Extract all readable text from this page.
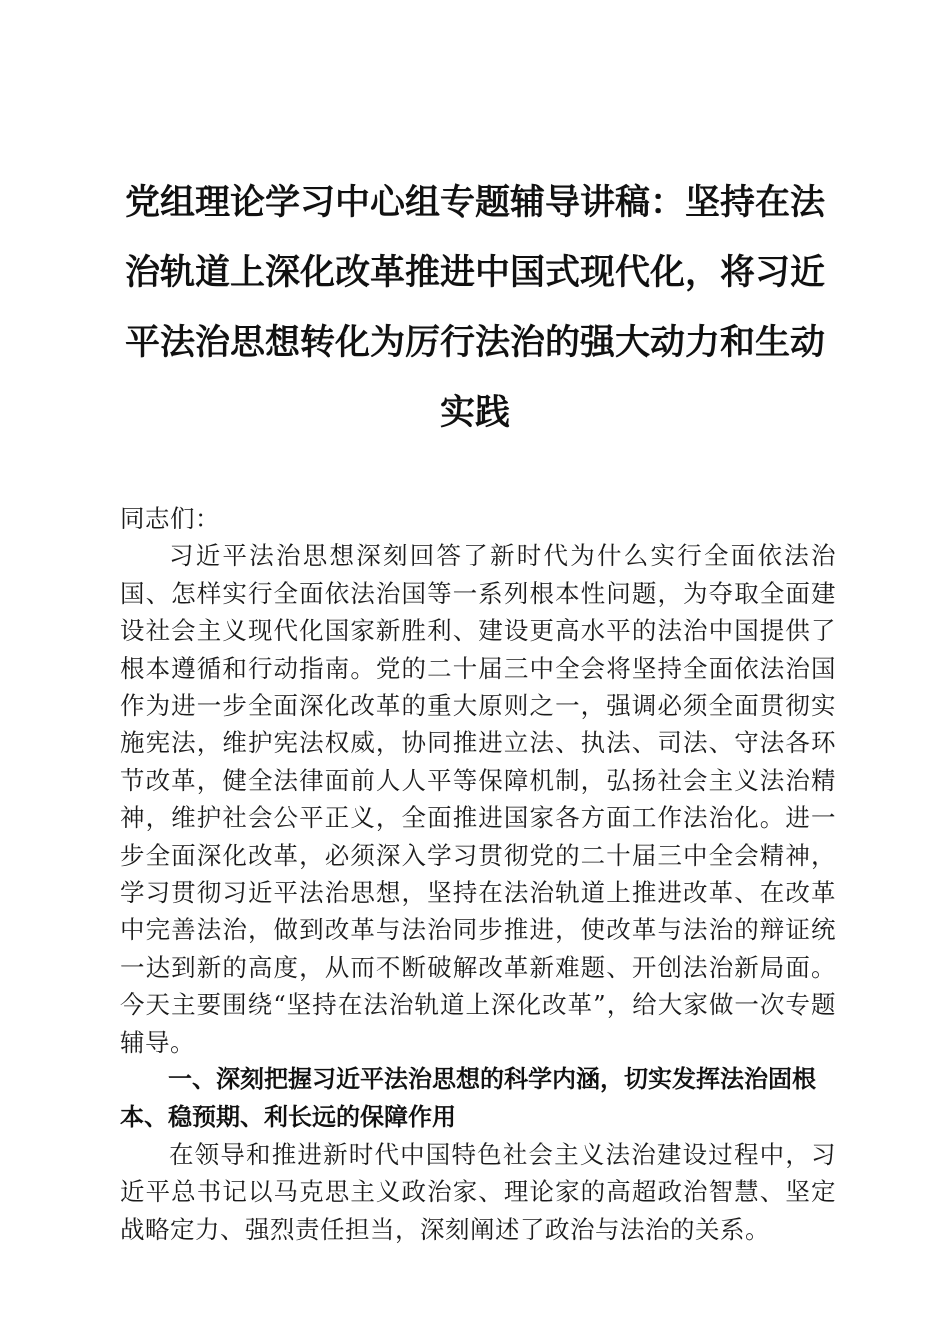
党组理论学习中心组专题辅导讲稿：坚持在法治轨道上深化改革推进中国式现代化，将习近平法治思想转化为厉行法治的强大动力和生动实践

同志们：

习近平法治思想深刻回答了新时代为什么实行全面依法治国、怎样实行全面依法治国等一系列根本性问题，为夺取全面建设社会主义现代化国家新胜利、建设更高水平的法治中国提供了根本遵循和行动指南。党的二十届三中全会将坚持全面依法治国作为进一步全面深化改革的重大原则之一，强调必须全面贯彻实施宪法，维护宪法权威，协同推进立法、执法、司法、守法各环节改革，健全法律面前人人平等保障机制，弘扬社会主义法治精神，维护社会公平正义，全面推进国家各方面工作法治化。进一步全面深化改革，必须深入学习贯彻党的二十届三中全会精神，学习贯彻习近平法治思想，坚持在法治轨道上推进改革、在改革中完善法治，做到改革与法治同步推进，使改革与法治的辩证统一达到新的高度，从而不断破解改革新难题、开创法治新局面。今天主要围绕“坚持在法治轨道上深化改革”，给大家做一次专题辅导。

一、深刻把握习近平法治思想的科学内涵，切实发挥法治固根本、稳预期、利长远的保障作用

在领导和推进新时代中国特色社会主义法治建设过程中，习近平总书记以马克思主义政治家、理论家的高超政治智慧、坚定战略定力、强烈责任担当，深刻阐述了政治与法治的关系。
